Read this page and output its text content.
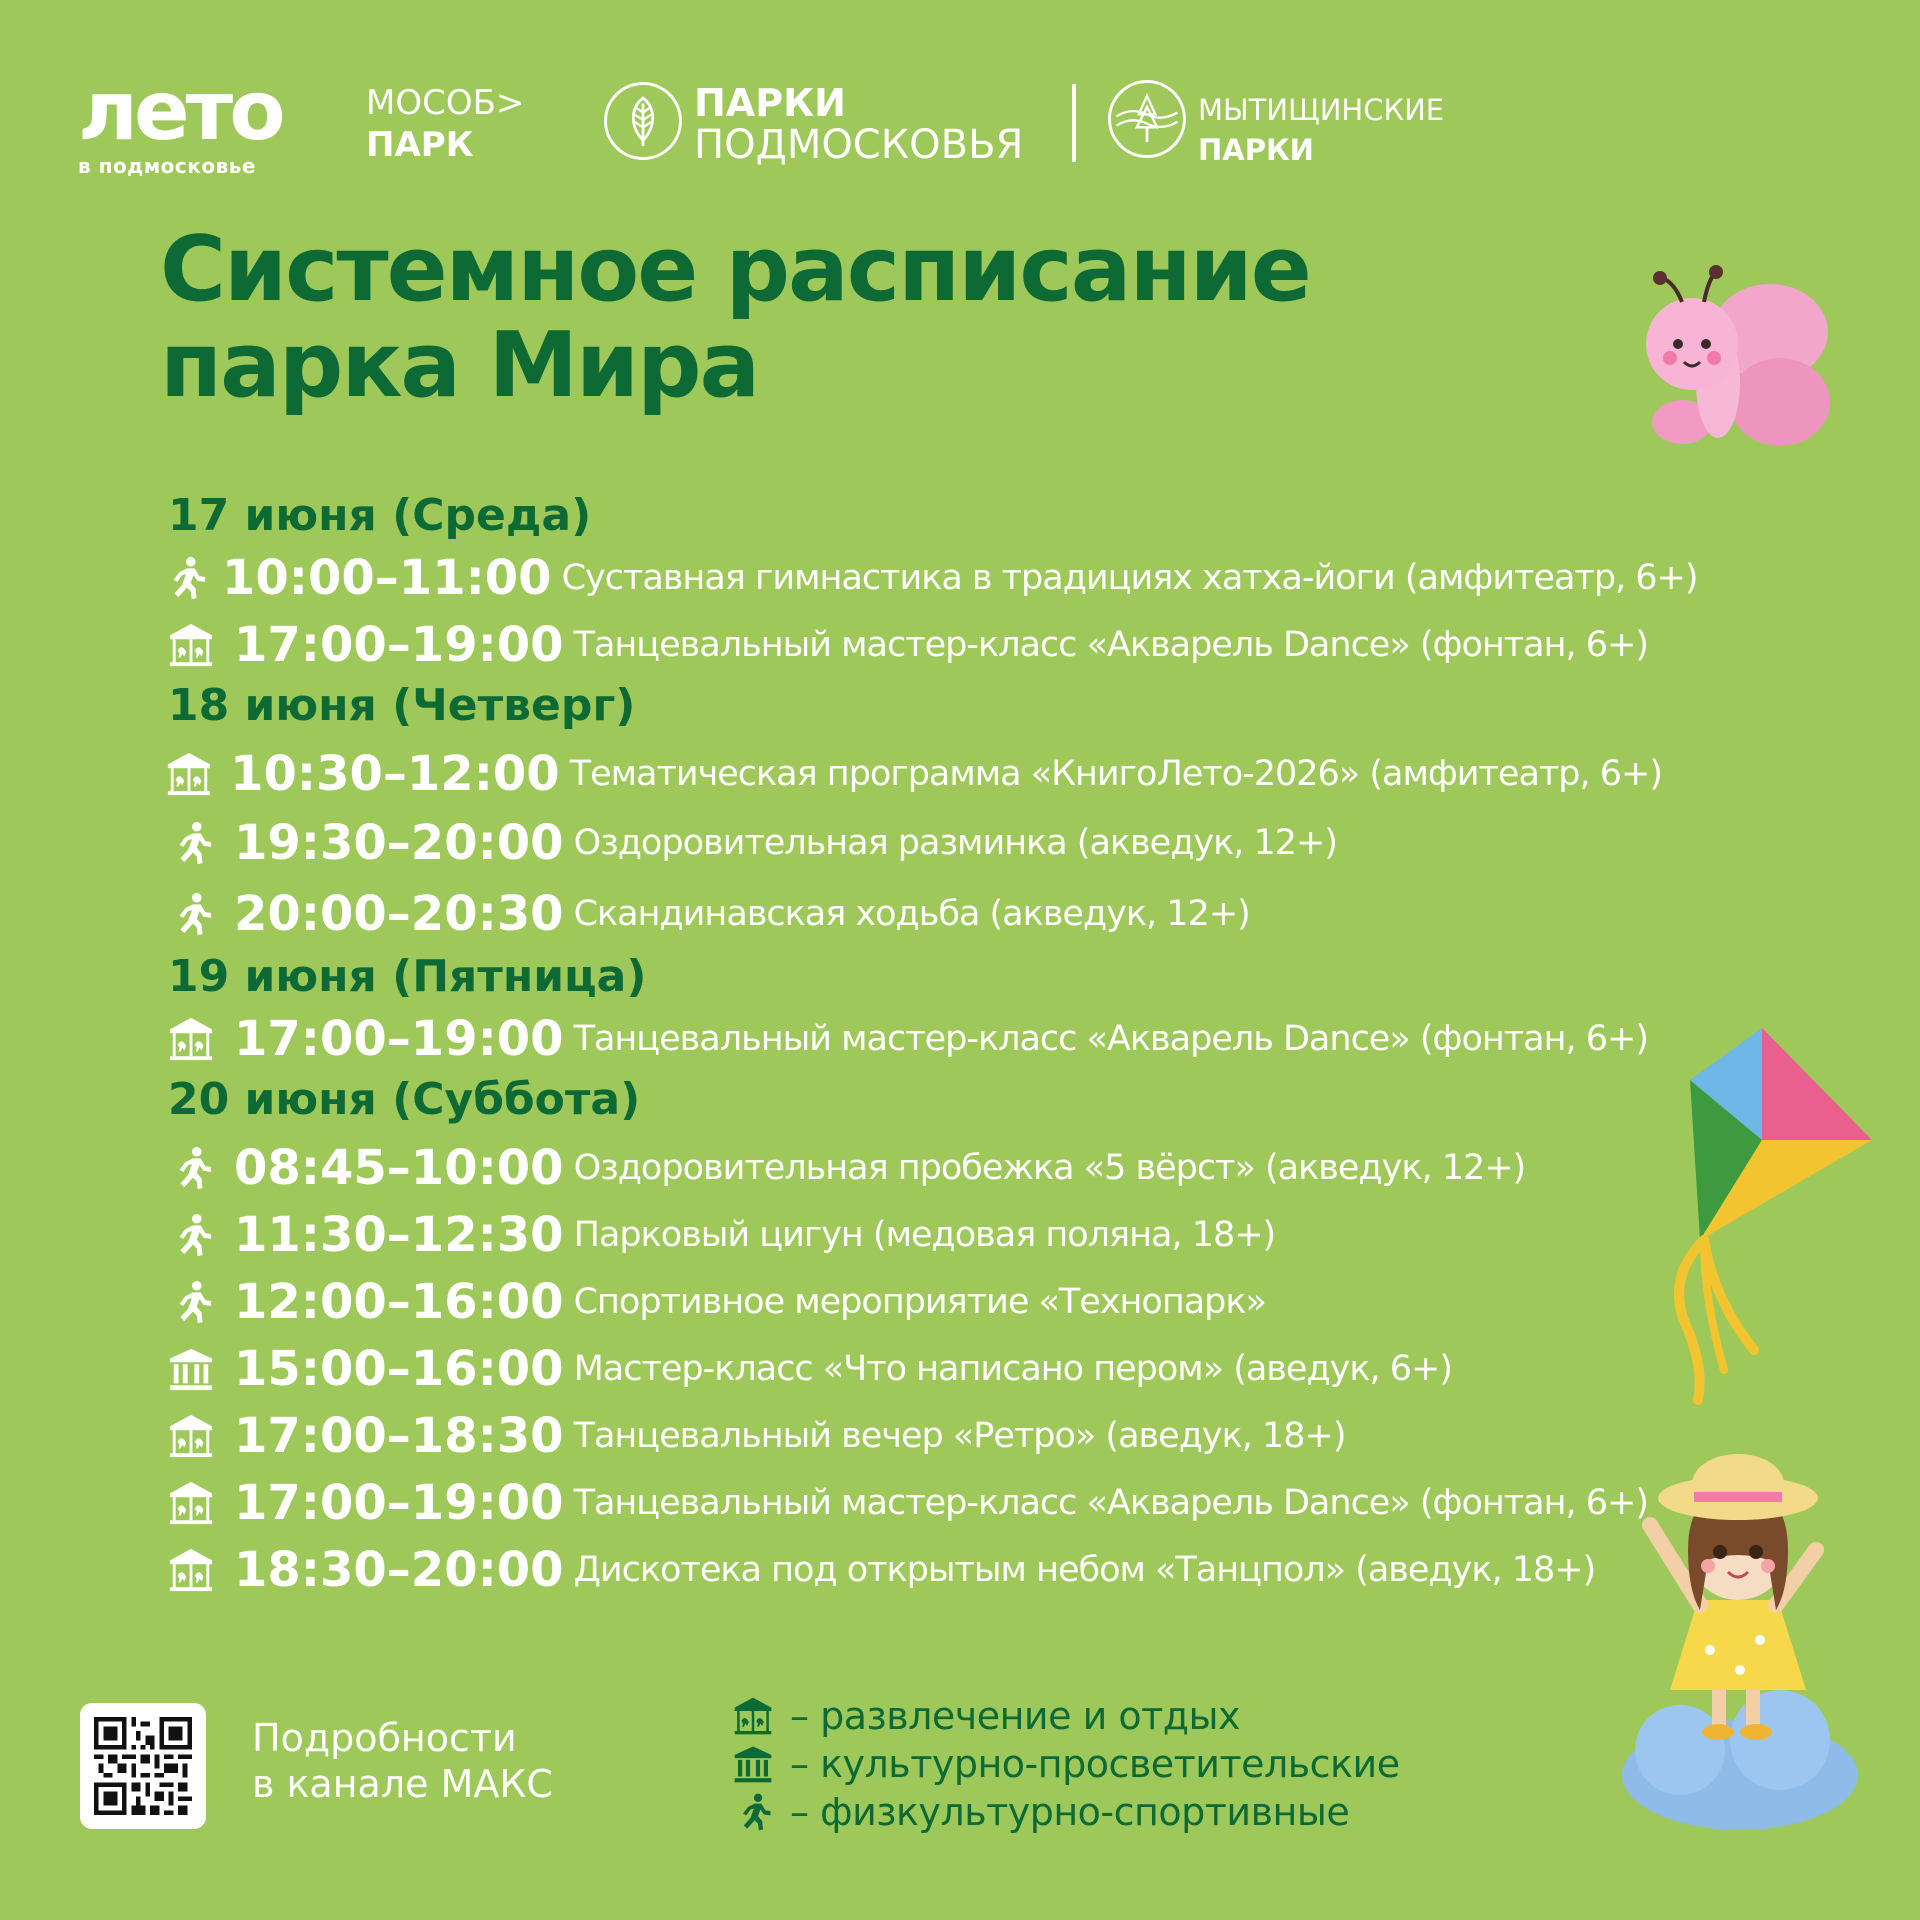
лето
в подмосковье
МОСОБ>
ПАРК
ПАРКИ
ПОДМОСКОВЬЯ
МЫТИЩИНСКИЕ
ПАРКИ
Системное расписание
парка Мира
17 июня (Среда)
10:00–11:00 Суставная гимнастика в традициях хатха-йоги (амфитеатр, 6+)
17:00–19:00 Танцевальный мастер-класс «Акварель Dance» (фонтан, 6+)
18 июня (Четверг)
10:30–12:00 Тематическая программа «КнигоЛето-2026» (амфитеатр, 6+)
19:30–20:00 Оздоровительная разминка (акведук, 12+)
20:00–20:30 Скандинавская ходьба (акведук, 12+)
19 июня (Пятница)
17:00–19:00 Танцевальный мастер-класс «Акварель Dance» (фонтан, 6+)
20 июня (Суббота)
08:45–10:00 Оздоровительная пробежка «5 вёрст» (акведук, 12+)
11:30–12:30 Парковый цигун (медовая поляна, 18+)
12:00–16:00 Спортивное мероприятие «Технопарк»
15:00–16:00 Мастер-класс «Что написано пером» (аведук, 6+)
17:00–18:30 Танцевальный вечер «Ретро» (аведук, 18+)
17:00–19:00 Танцевальный мастер-класс «Акварель Dance» (фонтан, 6+)
18:30–20:00 Дискотека под открытым небом «Танцпол» (аведук, 18+)
Подробности
в канале МАКС
– развлечение и отдых
– культурно-просветительские
– физкультурно-спортивные
